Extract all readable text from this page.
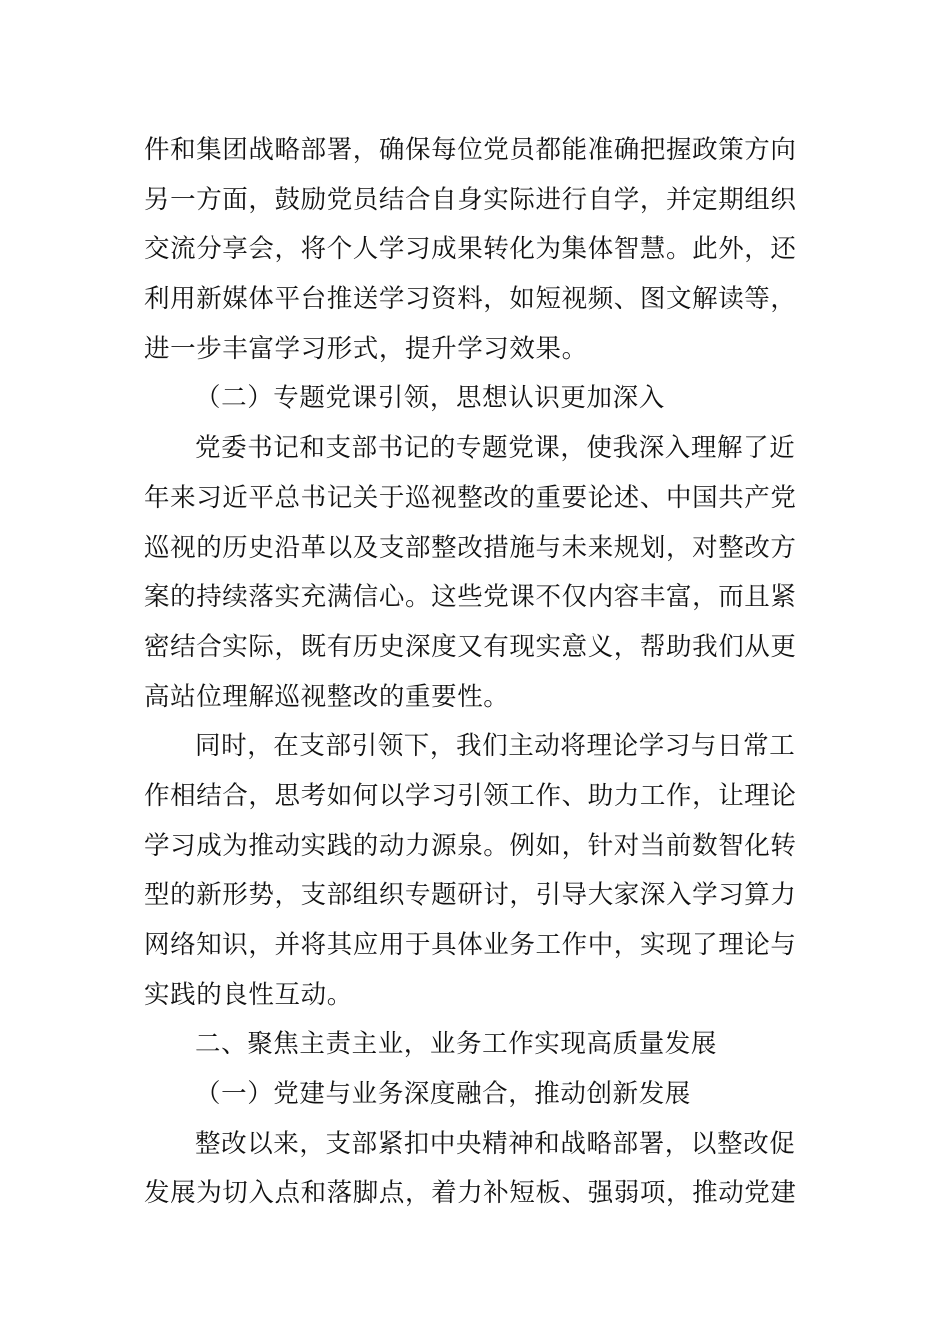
件和集团战略部署，确保每位党员都能准确把握政策方向
另一方面，鼓励党员结合自身实际进行自学，并定期组织
交流分享会，将个人学习成果转化为集体智慧。此外，还
利用新媒体平台推送学习资料，如短视频、图文解读等，
进一步丰富学习形式，提升学习效果。
（二）专题党课引领，思想认识更加深入
党委书记和支部书记的专题党课，使我深入理解了近
年来习近平总书记关于巡视整改的重要论述、中国共产党
巡视的历史沿革以及支部整改措施与未来规划，对整改方
案的持续落实充满信心。这些党课不仅内容丰富，而且紧
密结合实际，既有历史深度又有现实意义，帮助我们从更
高站位理解巡视整改的重要性。
同时，在支部引领下，我们主动将理论学习与日常工
作相结合，思考如何以学习引领工作、助力工作，让理论
学习成为推动实践的动力源泉。例如，针对当前数智化转
型的新形势，支部组织专题研讨，引导大家深入学习算力
网络知识，并将其应用于具体业务工作中，实现了理论与
实践的良性互动。
二、聚焦主责主业，业务工作实现高质量发展
（一）党建与业务深度融合，推动创新发展
整改以来，支部紧扣中央精神和战略部署，以整改促
发展为切入点和落脚点，着力补短板、强弱项，推动党建
